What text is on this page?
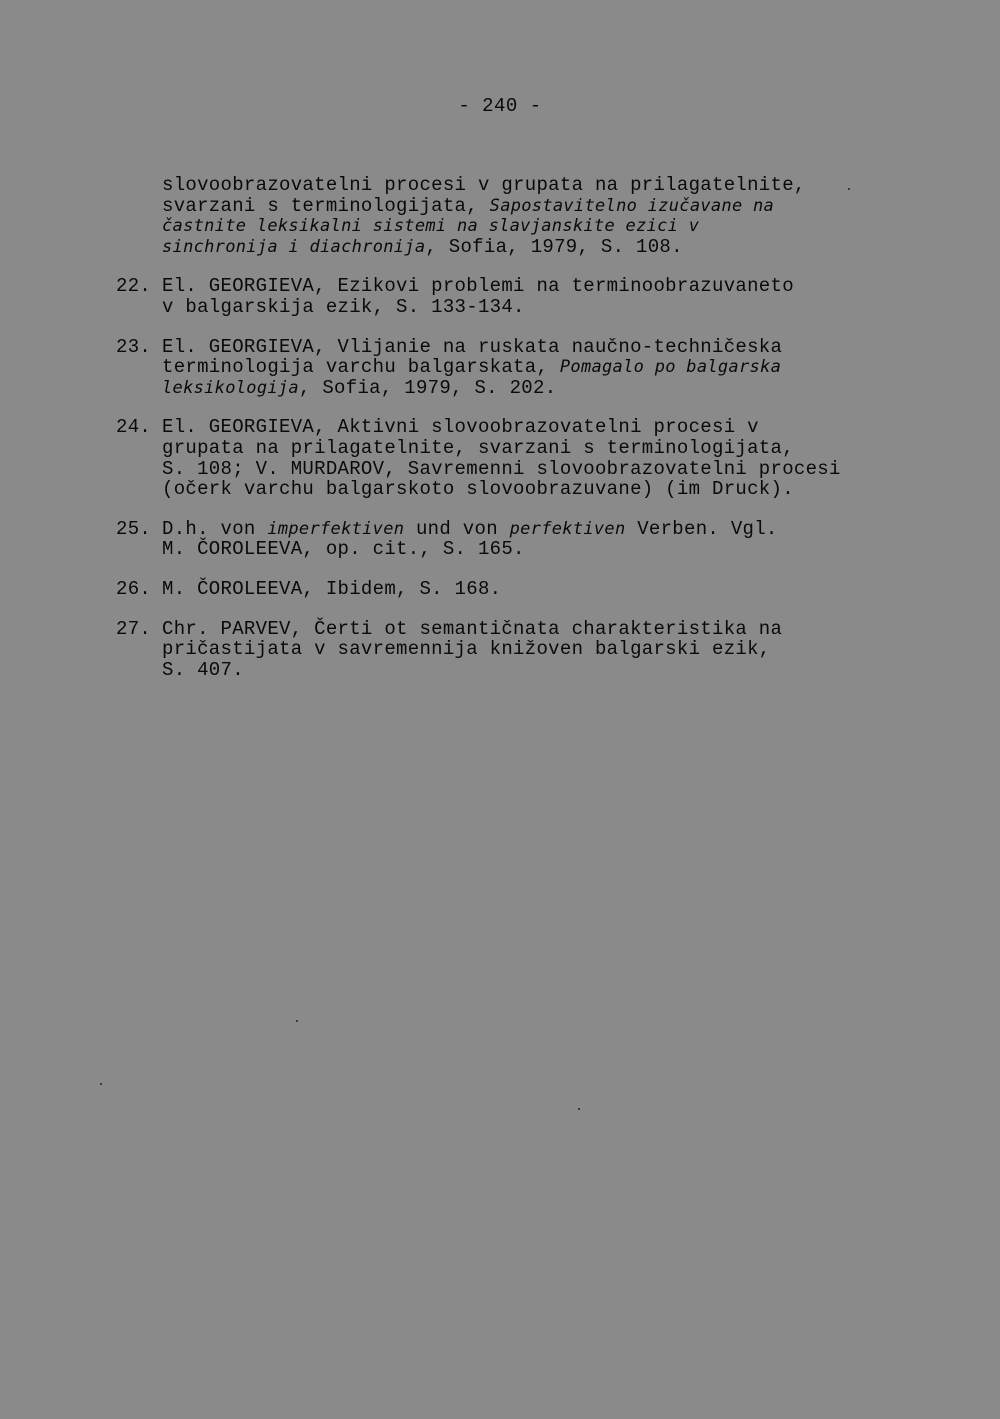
- 240 -
slovoobrazovatelni procesi v grupata na prilagatelnite,
svarzani s terminologijata, Sapostavitelno izučavane na
častnite leksikalni sistemi na slavjanskite ezici v
sinchronija i diachronija, Sofia, 1979, S. 108.
22. El. GEORGIEVA, Ezikovi problemi na terminoobrazuvaneto
v balgarskija ezik, S. 133-134.
23. El. GEORGIEVA, Vlijanie na ruskata naučno-techničeska
terminologija varchu balgarskata, Pomagalo po balgarska
leksikologija, Sofia, 1979, S. 202.
24. El. GEORGIEVA, Aktivni slovoobrazovatelni procesi v
grupata na prilagatelnite, svarzani s terminologijata,
S. 108; V. MURDAROV, Savremenni slovoobrazovatelni procesi
(očerk varchu balgarskoto slovoobrazuvane) (im Druck).
25. D.h. von imperfektiven und von perfektiven Verben. Vgl.
M. ČOROLEEVA, op. cit., S. 165.
26. M. ČOROLEEVA, Ibidem, S. 168.
27. Chr. PARVEV, Čerti ot semantičnata charakteristika na
pričastijata v savremennija knižoven balgarski ezik,
S. 407.
